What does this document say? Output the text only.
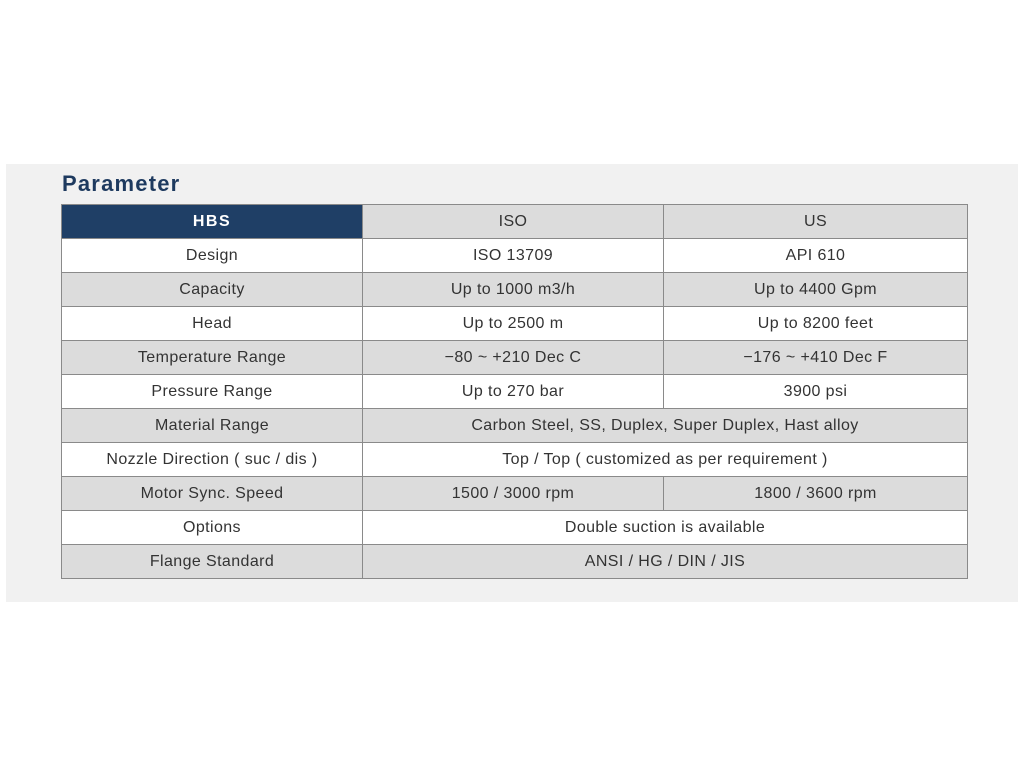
Parameter
HBS	ISO	US
Design	ISO 13709	API 610
Capacity	Up to 1000 m3/h	Up to 4400 Gpm
Head	Up to 2500 m	Up to 8200 feet
Temperature Range	−80 ~ +210 Dec C	−176 ~ +410 Dec F
Pressure Range	Up to 270 bar	3900 psi
Material Range	Carbon Steel, SS, Duplex, Super Duplex, Hast alloy	
Nozzle Direction ( suc / dis )	Top / Top ( customized as per requirement )	
Motor Sync. Speed	1500 / 3000 rpm	1800 / 3600 rpm
Options	Double suction is available	
Flange Standard	ANSI / HG / DIN / JIS	
